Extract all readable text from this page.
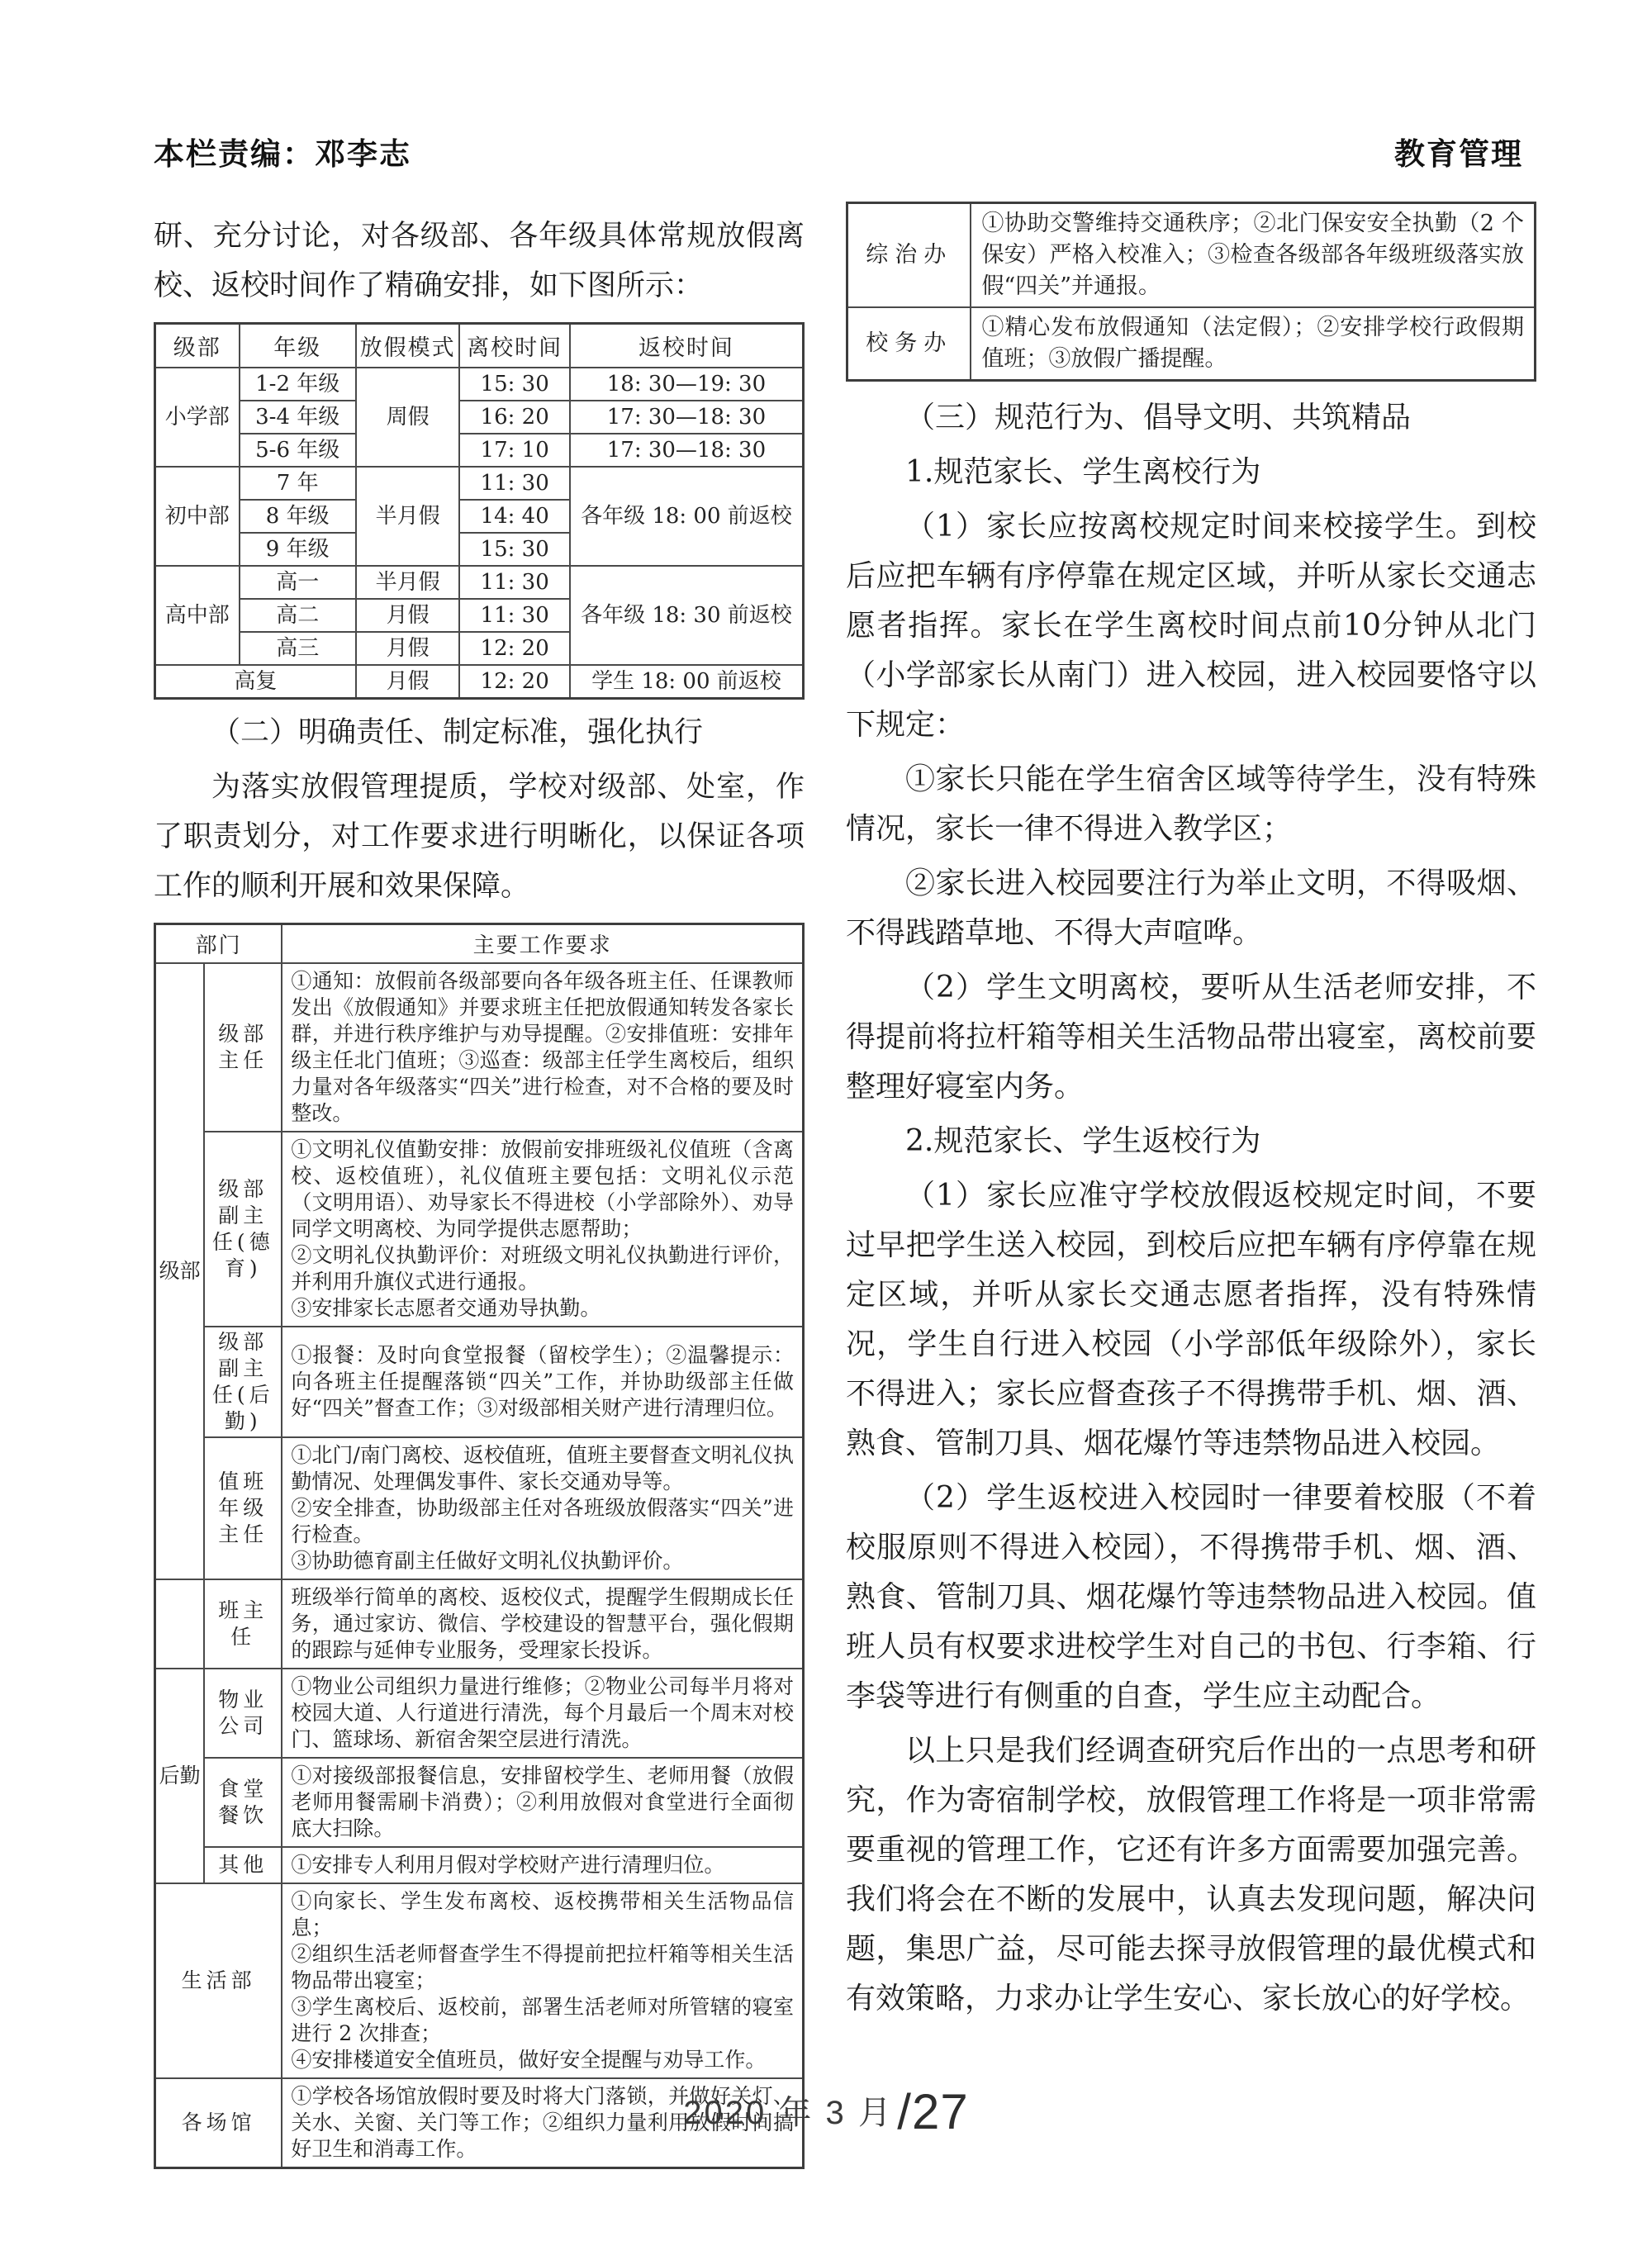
本栏责编：邓李志	教育管理

研、充分讨论，对各级部、各年级具体常规放假离校、返校时间作了精确安排，如下图所示：

级部	年级	放假模式	离校时间	返校时间
小学部	1-2 年级	周假	15: 30	18: 30—19: 30
	3-4 年级		16: 20	17: 30—18: 30
	5-6 年级		17: 10	17: 30—18: 30
初中部	7 年	半月假	11: 30	各年级 18: 00 前返校
	8 年级		14: 40	
	9 年级		15: 30	
高中部	高一	半月假	11: 30	各年级 18: 30 前返校
	高二	月假	11: 30	
	高三	月假	12: 20	
高复		月假	12: 20	学生 18: 00 前返校

（二）明确责任、制定标准，强化执行

为落实放假管理提质，学校对级部、处室，作了职责划分，对工作要求进行明晰化，以保证各项工作的顺利开展和效果保障。

部门		主要工作要求
级部	级部主任	①通知：放假前各级部要向各年级各班主任、任课教师发出《放假通知》并要求班主任把放假通知转发各家长群，并进行秩序维护与劝导提醒。②安排值班：安排年级主任北门值班；③巡查：级部主任学生离校后，组织力量对各年级落实“四关”进行检查，对不合格的要及时整改。

	级部副主任(德育)	①文明礼仪值勤安排：放假前安排班级礼仪值班（含离校、返校值班），礼仪值班主要包括：文明礼仪示范（文明用语）、劝导家长不得进校（小学部除外）、劝导同学文明离校、为同学提供志愿帮助；
②文明礼仪执勤评价：对班级文明礼仪执勤进行评价，并利用升旗仪式进行通报。
③安排家长志愿者交通劝导执勤。

	级部副主任(后勤)	①报餐：及时向食堂报餐（留校学生）；②温馨提示：向各班主任提醒落锁“四关”工作，并协助级部主任做好“四关”督查工作；③对级部相关财产进行清理归位。

	值班年级主任	①北门/南门离校、返校值班，值班主要督查文明礼仪执勤情况、处理偶发事件、家长交通劝导等。
②安全排查，协助级部主任对各班级放假落实“四关”进行检查。
③协助德育副主任做好文明礼仪执勤评价。

	班主任	班级举行简单的离校、返校仪式，提醒学生假期成长任务，通过家访、微信、学校建设的智慧平台，强化假期的跟踪与延伸专业服务，受理家长投诉。

后勤	物业公司	①物业公司组织力量进行维修；②物业公司每半月将对校园大道、人行道进行清洗，每个月最后一个周末对校门、篮球场、新宿舍架空层进行清洗。

	食堂餐饮	①对接级部报餐信息，安排留校学生、老师用餐（放假老师用餐需刷卡消费）；②利用放假对食堂进行全面彻底大扫除。

	其他	①安排专人利用月假对学校财产进行清理归位。

生活部		①向家长、学生发布离校、返校携带相关生活物品信息；
②组织生活老师督查学生不得提前把拉杆箱等相关生活物品带出寝室；
③学生离校后、返校前，部署生活老师对所管辖的寝室进行 2 次排查；
④安排楼道安全值班员，做好安全提醒与劝导工作。

各场馆		①学校各场馆放假时要及时将大门落锁，并做好关灯、关水、关窗、关门等工作；②组织力量利用放假时间搞好卫生和消毒工作。
综治办	①协助交警维持交通秩序；②北门保安安全执勤（2 个保安）严格入校准入；③检查各级部各年级班级落实放假“四关”并通报。
校务办	①精心发布放假通知（法定假）；②安排学校行政假期值班；③放假广播提醒。

（三）规范行为、倡导文明、共筑精品

1.规范家长、学生离校行为

（1）家长应按离校规定时间来校接学生。到校后应把车辆有序停靠在规定区域，并听从家长交通志愿者指挥。家长在学生离校时间点前10分钟从北门（小学部家长从南门）进入校园，进入校园要恪守以下规定：

①家长只能在学生宿舍区域等待学生，没有特殊情况，家长一律不得进入教学区；

②家长进入校园要注行为举止文明，不得吸烟、不得践踏草地、不得大声喧哗。

（2）学生文明离校，要听从生活老师安排，不得提前将拉杆箱等相关生活物品带出寝室，离校前要整理好寝室内务。

2.规范家长、学生返校行为

（1）家长应准守学校放假返校规定时间，不要过早把学生送入校园，到校后应把车辆有序停靠在规定区域，并听从家长交通志愿者指挥，没有特殊情况，学生自行进入校园（小学部低年级除外），家长不得进入；家长应督查孩子不得携带手机、烟、酒、熟食、管制刀具、烟花爆竹等违禁物品进入校园。

（2）学生返校进入校园时一律要着校服（不着校服原则不得进入校园），不得携带手机、烟、酒、熟食、管制刀具、烟花爆竹等违禁物品进入校园。值班人员有权要求进校学生对自己的书包、行李箱、行李袋等进行有侧重的自查，学生应主动配合。

以上只是我们经调查研究后作出的一点思考和研究，作为寄宿制学校，放假管理工作将是一项非常需要重视的管理工作，它还有许多方面需要加强完善。我们将会在不断的发展中，认真去发现问题，解决问题，集思广益，尽可能去探寻放假管理的最优模式和有效策略，力求办让学生安心、家长放心的好学校。

2020 年 3 月 /27
